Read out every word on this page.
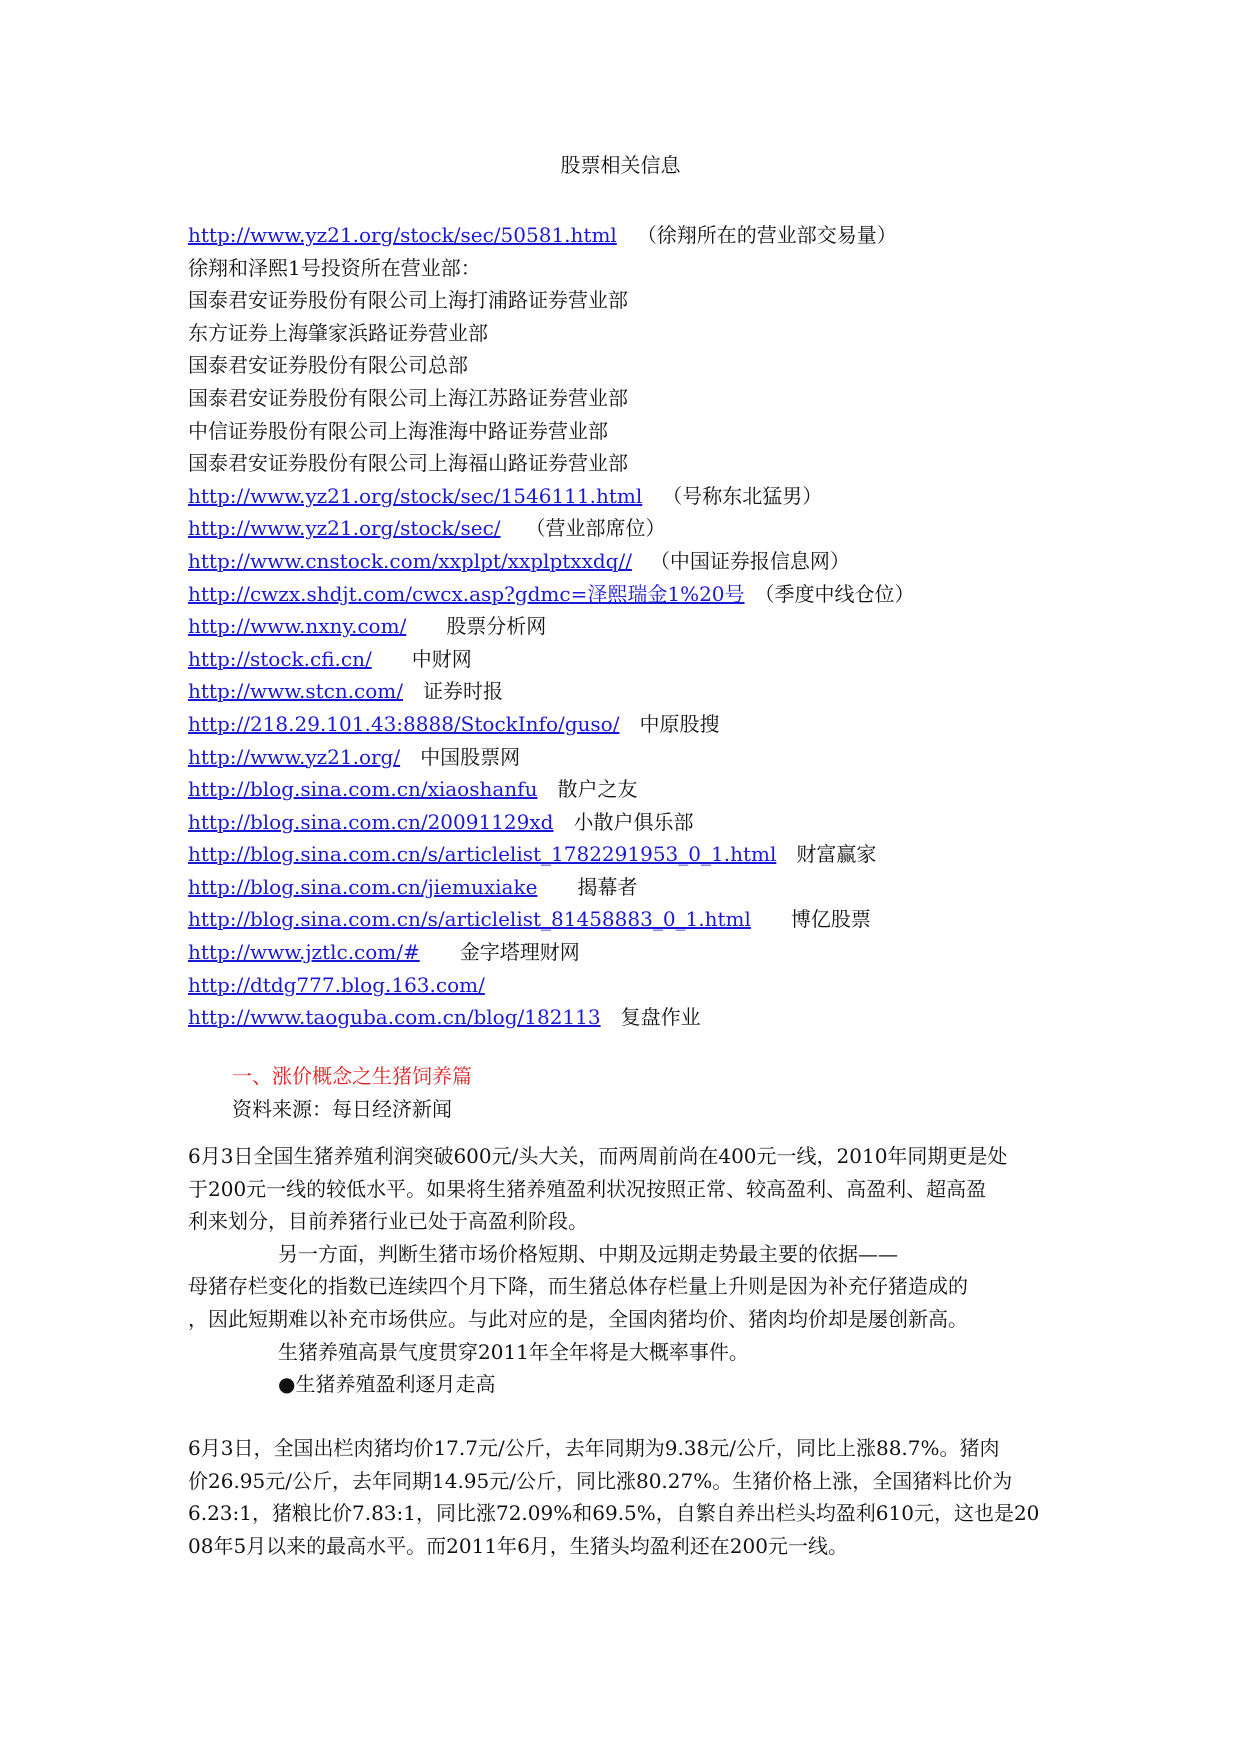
股票相关信息
http://www.yz21.org/stock/sec/50581.html （徐翔所在的营业部交易量）
徐翔和泽熙1号投资所在营业部：
国泰君安证券股份有限公司上海打浦路证券营业部
东方证券上海肇家浜路证券营业部
国泰君安证券股份有限公司总部
国泰君安证券股份有限公司上海江苏路证券营业部
中信证券股份有限公司上海淮海中路证券营业部
国泰君安证券股份有限公司上海福山路证券营业部
http://www.yz21.org/stock/sec/1546111.html （号称东北猛男）
http://www.yz21.org/stock/sec/ （营业部席位）
http://www.cnstock.com/xxplpt/xxplptxxdq// （中国证券报信息网）
http://cwzx.shdjt.com/cwcx.asp?gdmc=泽熙瑞金1%20号 （季度中线仓位）
http://www.nxny.com/ 股票分析网
http://stock.cfi.cn/ 中财网
http://www.stcn.com/ 证券时报
http://218.29.101.43:8888/StockInfo/guso/ 中原股搜
http://www.yz21.org/ 中国股票网
http://blog.sina.com.cn/xiaoshanfu 散户之友
http://blog.sina.com.cn/20091129xd 小散户俱乐部
http://blog.sina.com.cn/s/articlelist_1782291953_0_1.html 财富赢家
http://blog.sina.com.cn/jiemuxiake 揭幕者
http://blog.sina.com.cn/s/articlelist_81458883_0_1.html 博亿股票
http://www.jztlc.com/# 金字塔理财网
http://dtdg777.blog.163.com/
http://www.taoguba.com.cn/blog/182113 复盘作业
一、涨价概念之生猪饲养篇
资料来源：每日经济新闻
6月3日全国生猪养殖利润突破600元/头大关，而两周前尚在400元一线，2010年同期更是处
于200元一线的较低水平。如果将生猪养殖盈利状况按照正常、较高盈利、高盈利、超高盈
利来划分，目前养猪行业已处于高盈利阶段。
另一方面，判断生猪市场价格短期、中期及远期走势最主要的依据——
母猪存栏变化的指数已连续四个月下降，而生猪总体存栏量上升则是因为补充仔猪造成的
，因此短期难以补充市场供应。与此对应的是，全国肉猪均价、猪肉均价却是屡创新高。
生猪养殖高景气度贯穿2011年全年将是大概率事件。
●生猪养殖盈利逐月走高
6月3日，全国出栏肉猪均价17.7元/公斤，去年同期为9.38元/公斤，同比上涨88.7%。猪肉
价26.95元/公斤，去年同期14.95元/公斤，同比涨80.27%。生猪价格上涨，全国猪料比价为
6.23:1，猪粮比价7.83:1，同比涨72.09%和69.5%，自繁自养出栏头均盈利610元，这也是20
08年5月以来的最高水平。而2011年6月，生猪头均盈利还在200元一线。
